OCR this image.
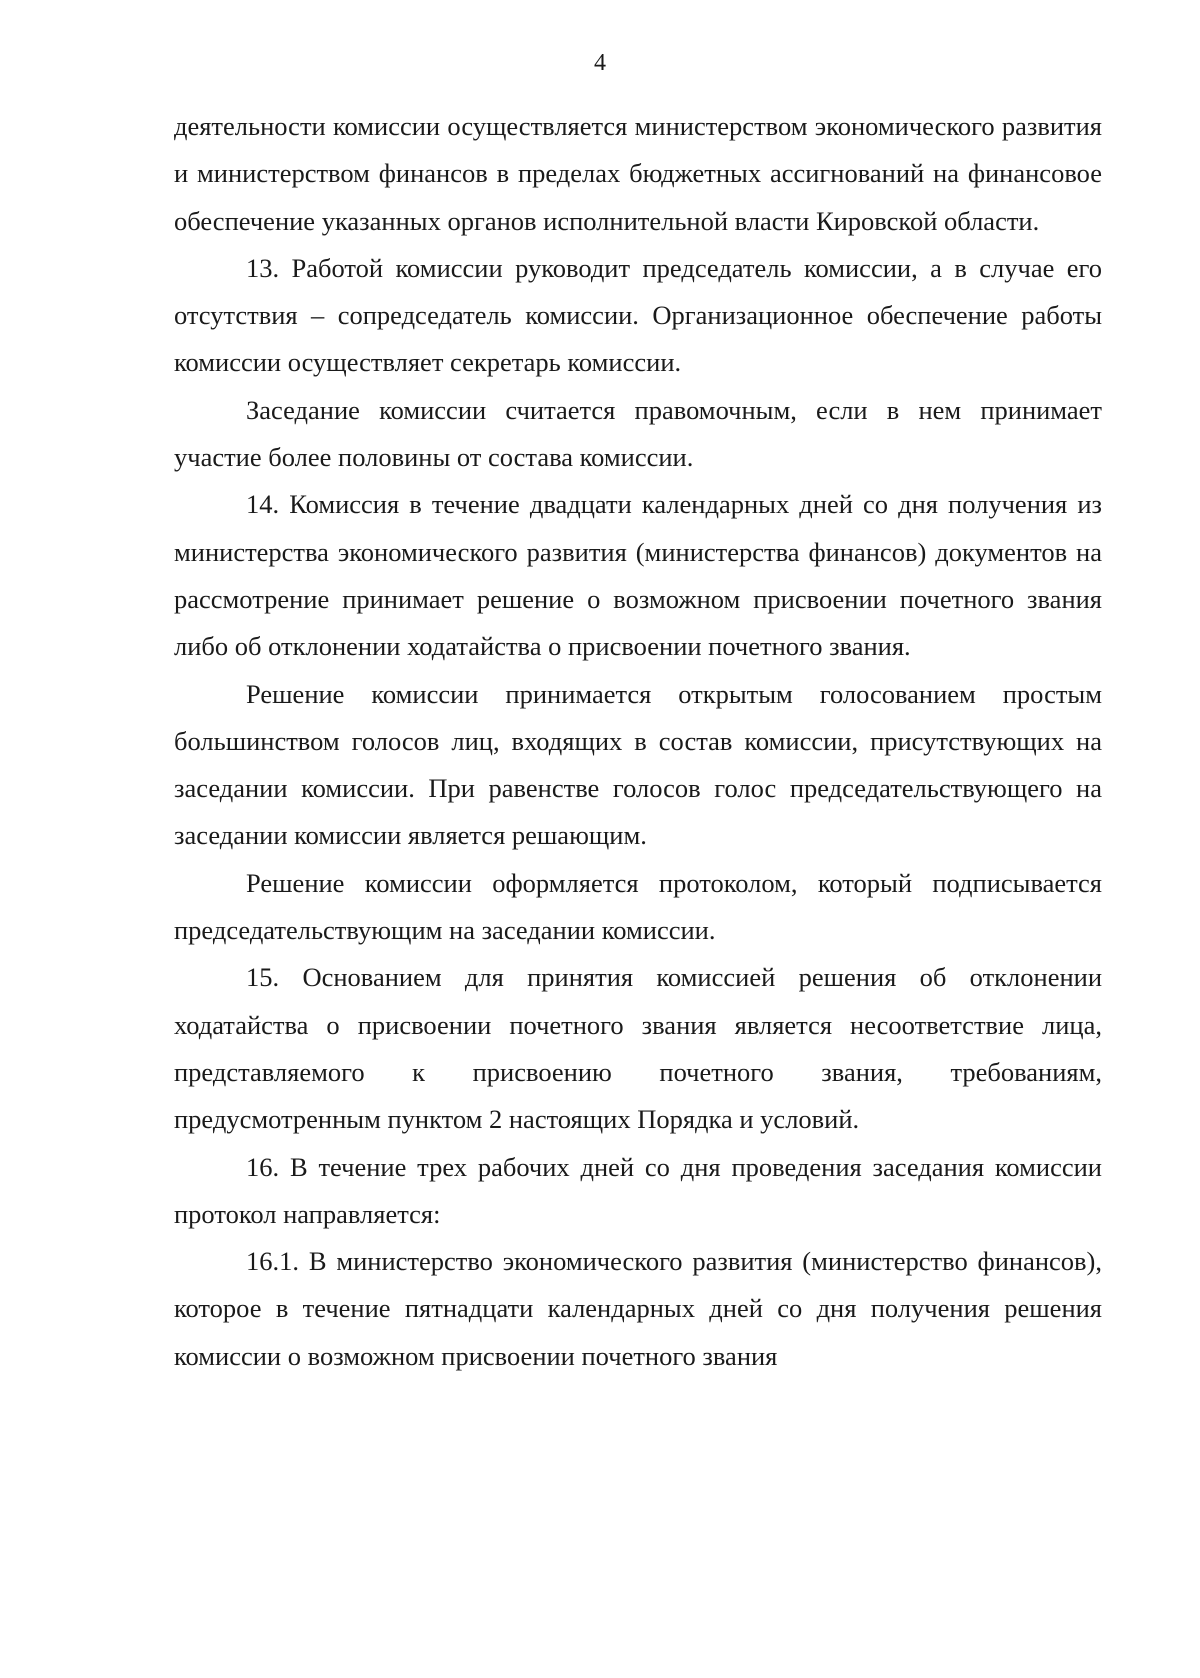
4

деятельности комиссии осуществляется министерством экономического развития и министерством финансов в пределах бюджетных ассигнований на финансовое обеспечение указанных органов исполнительной власти Кировской области.

13. Работой комиссии руководит председатель комиссии, а в случае его отсутствия – сопредседатель комиссии. Организационное обеспечение работы комиссии осуществляет секретарь комиссии.

Заседание комиссии считается правомочным, если в нем принимает участие более половины от состава комиссии.

14. Комиссия в течение двадцати календарных дней со дня получения из министерства экономического развития (министерства финансов) документов на рассмотрение принимает решение о возможном присвоении почетного звания либо об отклонении ходатайства о присвоении почетного звания.

Решение комиссии принимается открытым голосованием простым большинством голосов лиц, входящих в состав комиссии, присутствующих на заседании комиссии. При равенстве голосов голос председательствующего на заседании комиссии является решающим.

Решение комиссии оформляется протоколом, который подписывается председательствующим на заседании комиссии.

15. Основанием для принятия комиссией решения об отклонении ходатайства о присвоении почетного звания является несоответствие лица, представляемого к присвоению почетного звания, требованиям, предусмотренным пунктом 2 настоящих Порядка и условий.

16. В течение трех рабочих дней со дня проведения заседания комиссии протокол направляется:

16.1. В министерство экономического развития (министерство финансов), которое в течение пятнадцати календарных дней со дня получения решения комиссии о возможном присвоении почетного звания
